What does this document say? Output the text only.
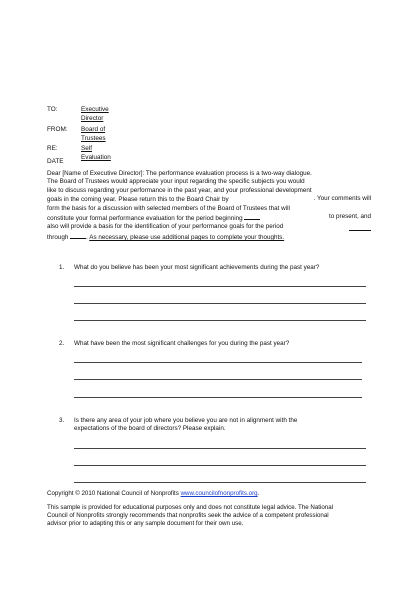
TO:	Executive Director
FROM: Board of Trustees
RE:	Self Evaluation
DATE
Dear [Name of Executive Director]: The performance evaluation process is a two-way dialogue.
The Board of Trustees would appreciate your input regarding the specific subjects you would
like to discuss regarding your performance in the past year, and your professional development
goals in the coming year. Please return this to the Board Chair by	. Your comments will
form the basis for a discussion with selected members of the Board of Trustees that will
constitute your formal performance evaluation for the period beginning	to present, and
also will provide a basis for the identification of your performance goals for the period
through	. As necessary, please use additional pages to complete your thoughts.
1. What do you believe has been your most significant achievements during the past year?
2. What have been the most significant challenges for you during the past year?
3. Is there any area of your job where you believe you are not in alignment with the
expectations of the board of directors? Please explain.
Copyright © 2010 National Council of Nonprofits www.councilofnonprofits.org.
This sample is provided for educational purposes only and does not constitute legal advice. The National
Council of Nonprofits strongly recommends that nonprofits seek the advice of a competent professional
advisor prior to adapting this or any sample document for their own use.
